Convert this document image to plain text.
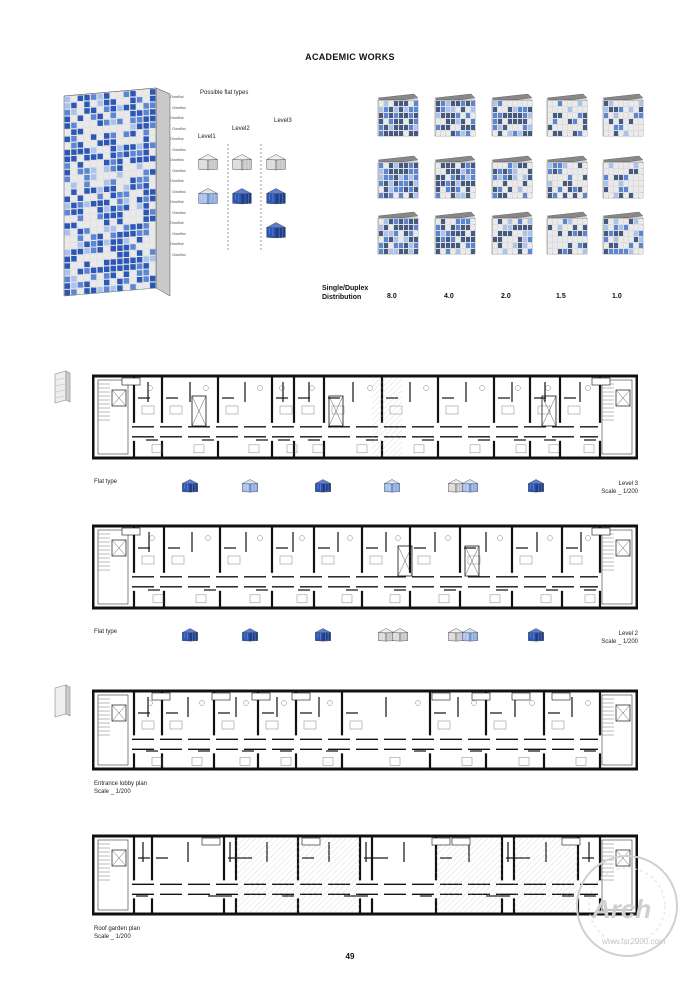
ACADEMIC WORKS
Ownflat
Ownflat
Ownflat
Ownflat
Ownflat
Ownflat
Ownflat
Ownflat
Ownflat
Ownflat
Ownflat
Ownflat
Ownflat
Ownflat
Ownflat
Ownflat
Possible flat types
Level1
Level2
Level3
Single/Duplex
Distribution	8.0	4.0	2.0	1.5	1.0
Flat type	Level 3
Scale _ 1/200
Flat type	Level 2
Scale _ 1/200
Entrance lobby plan
Scale _ 1/200
Roof garden plan
Scale _ 1/200
49
Arch
www.far2000.com
